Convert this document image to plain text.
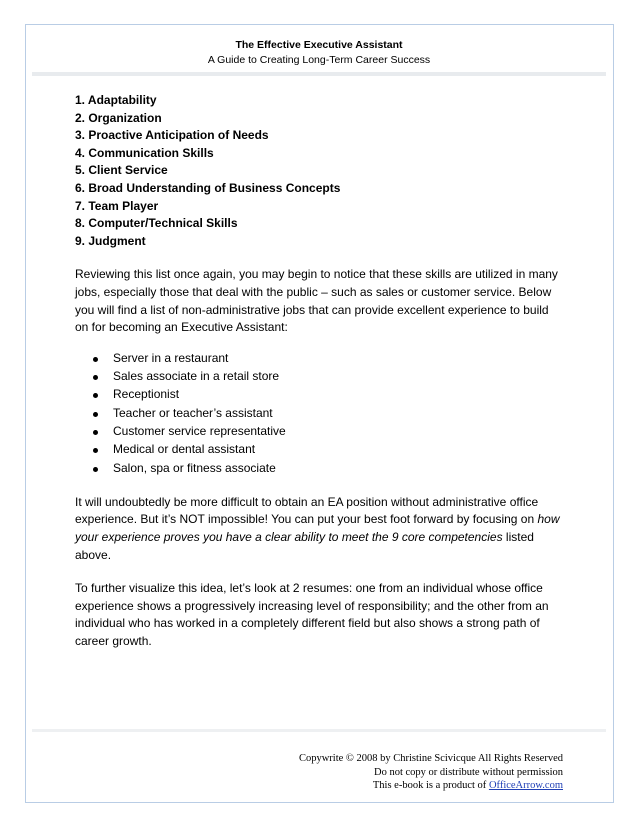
The Effective Executive Assistant
A Guide to Creating Long-Term Career Success
1. Adaptability
2. Organization
3. Proactive Anticipation of Needs
4. Communication Skills
5. Client Service
6. Broad Understanding of Business Concepts
7. Team Player
8. Computer/Technical Skills
9. Judgment

Reviewing this list once again, you may begin to notice that these skills are utilized in many jobs, especially those that deal with the public – such as sales or customer service. Below you will find a list of non-administrative jobs that can provide excellent experience to build on for becoming an Executive Assistant:

Server in a restaurant
Sales associate in a retail store
Receptionist
Teacher or teacher’s assistant
Customer service representative
Medical or dental assistant
Salon, spa or fitness associate

It will undoubtedly be more difficult to obtain an EA position without administrative office experience. But it’s NOT impossible! You can put your best foot forward by focusing on how your experience proves you have a clear ability to meet the 9 core competencies listed above.

To further visualize this idea, let’s look at 2 resumes: one from an individual whose office experience shows a progressively increasing level of responsibility; and the other from an individual who has worked in a completely different field but also shows a strong path of career growth.

Copywrite © 2008 by Christine Scivicque All Rights Reserved
Do not copy or distribute without permission
This e-book is a product of OfficeArrow.com
